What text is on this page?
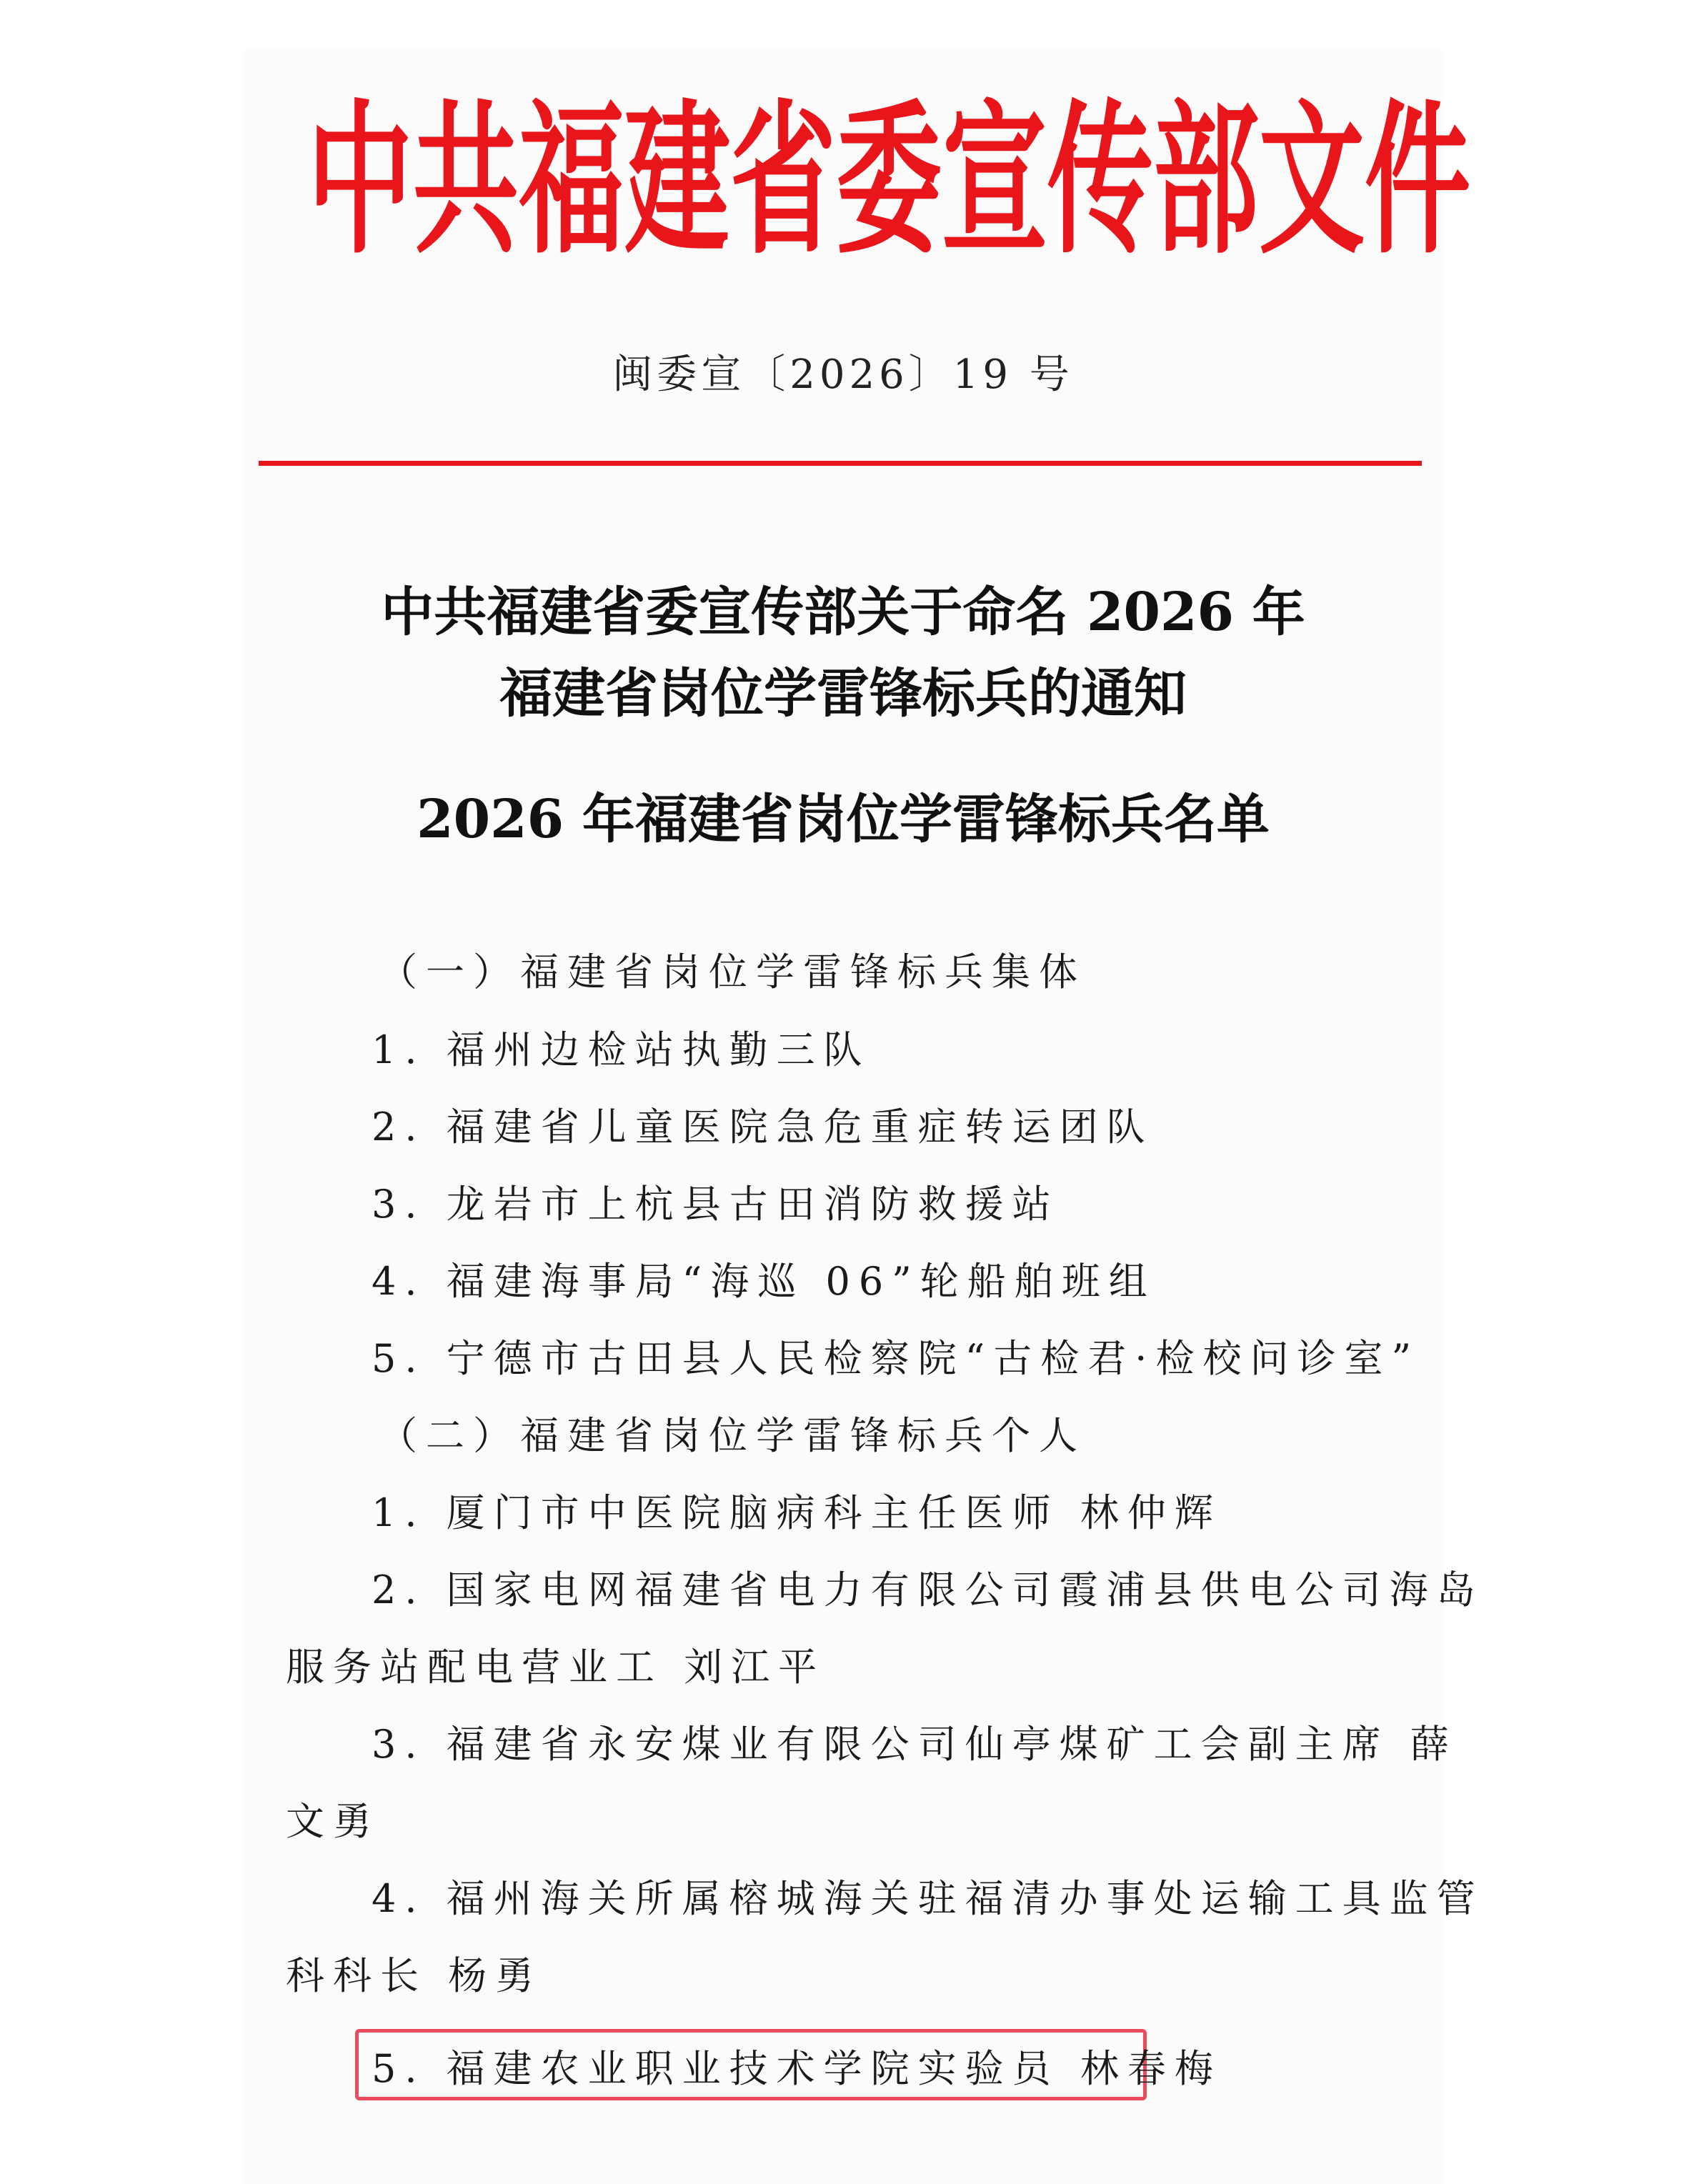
中共福建省委宣传部文件
闽委宣〔2026〕19 号
中共福建省委宣传部关于命名 2026 年
福建省岗位学雷锋标兵的通知
2026 年福建省岗位学雷锋标兵名单
（一）福建省岗位学雷锋标兵集体
1. 福州边检站执勤三队
2. 福建省儿童医院急危重症转运团队
3. 龙岩市上杭县古田消防救援站
4. 福建海事局“海巡 06”轮船舶班组
5. 宁德市古田县人民检察院“古检君·检校问诊室”
（二）福建省岗位学雷锋标兵个人
1. 厦门市中医院脑病科主任医师 林仲辉
2. 国家电网福建省电力有限公司霞浦县供电公司海岛
服务站配电营业工 刘江平
3. 福建省永安煤业有限公司仙亭煤矿工会副主席 薛
文勇
4. 福州海关所属榕城海关驻福清办事处运输工具监管
科科长 杨勇
5. 福建农业职业技术学院实验员 林春梅
